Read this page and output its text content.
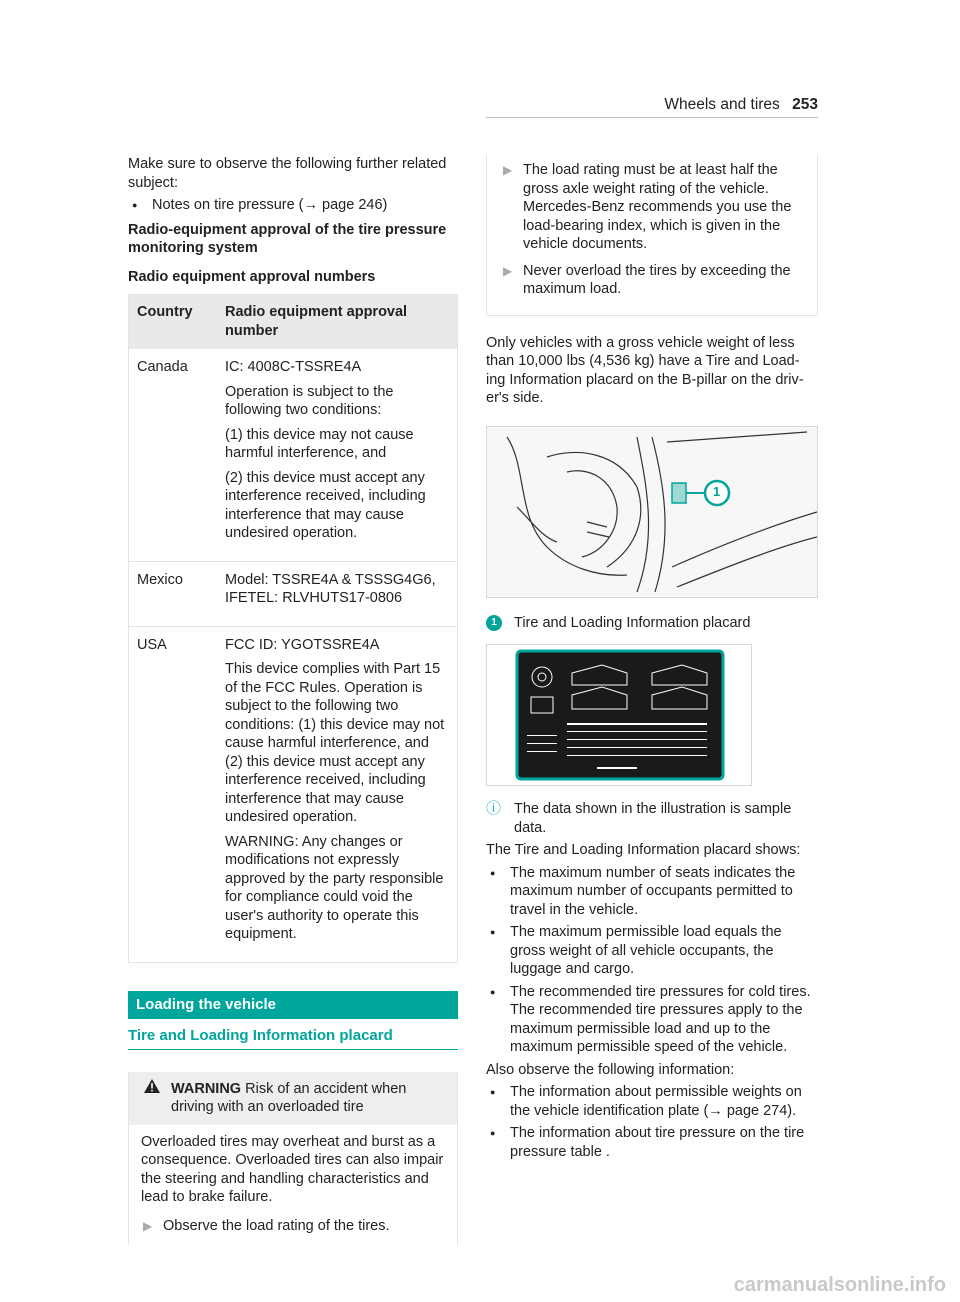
Wheels and tires 253

Make sure to observe the following further related subject:

● Notes on tire pressure (→ page 246)
Radio-equipment approval of the tire pressure monitoring system
Radio equipment approval numbers
Country	Radio equipment approval number
Canada	IC: 4008C-TSSRE4A

Operation is subject to the following two conditions:

(1) this device may not cause harmful interference, and

(2) this device must accept any interference received, including interference that may cause undesired operation.

Mexico	Model: TSSRE4A & TSSSG4G6, IFETEL: RLVHUTS17-0806

USA	FCC ID: YGOTSSRE4A

This device complies with Part 15 of the FCC Rules. Operation is subject to the following two conditions: (1) this device may not cause harmful interference, and (2) this device must accept any interference received, including interference that may cause undesired operation.

WARNING: Any changes or modifications not expressly approved by the party responsible for compliance could void the user's authority to operate this equipment.

Loading the vehicle
Tire and Loading Information placard
WARNING Risk of an accident when driving with an overloaded tire
Overloaded tires may overheat and burst as a consequence. Overloaded tires can also impair the steering and handling characteristics and lead to brake failure.
▶ Observe the load rating of the tires.
▶ The load rating must be at least half the gross axle weight rating of the vehicle. Mercedes-Benz recommends you use the load-bearing index, which is given in the vehicle documents.
▶ Never overload the tires by exceeding the maximum load.

Only vehicles with a gross vehicle weight of less than 10,000 lbs (4,536 kg) have a Tire and Load-ing Information placard on the B-pillar on the driv-er's side.

1
1	Tire and Loading Information placard
ⓘ The data shown in the illustration is sample data.

The Tire and Loading Information placard shows:

● The maximum number of seats indicates the maximum number of occupants permitted to travel in the vehicle.
● The maximum permissible load equals the gross weight of all vehicle occupants, the luggage and cargo.
● The recommended tire pressures for cold tires. The recommended tire pressures apply to the maximum permissible load and up to the maximum permissible speed of the vehicle.

Also observe the following information:

● The information about permissible weights on the vehicle identification plate (→ page 274).
● The information about tire pressure on the tire pressure table .
carmanualsonline.info
